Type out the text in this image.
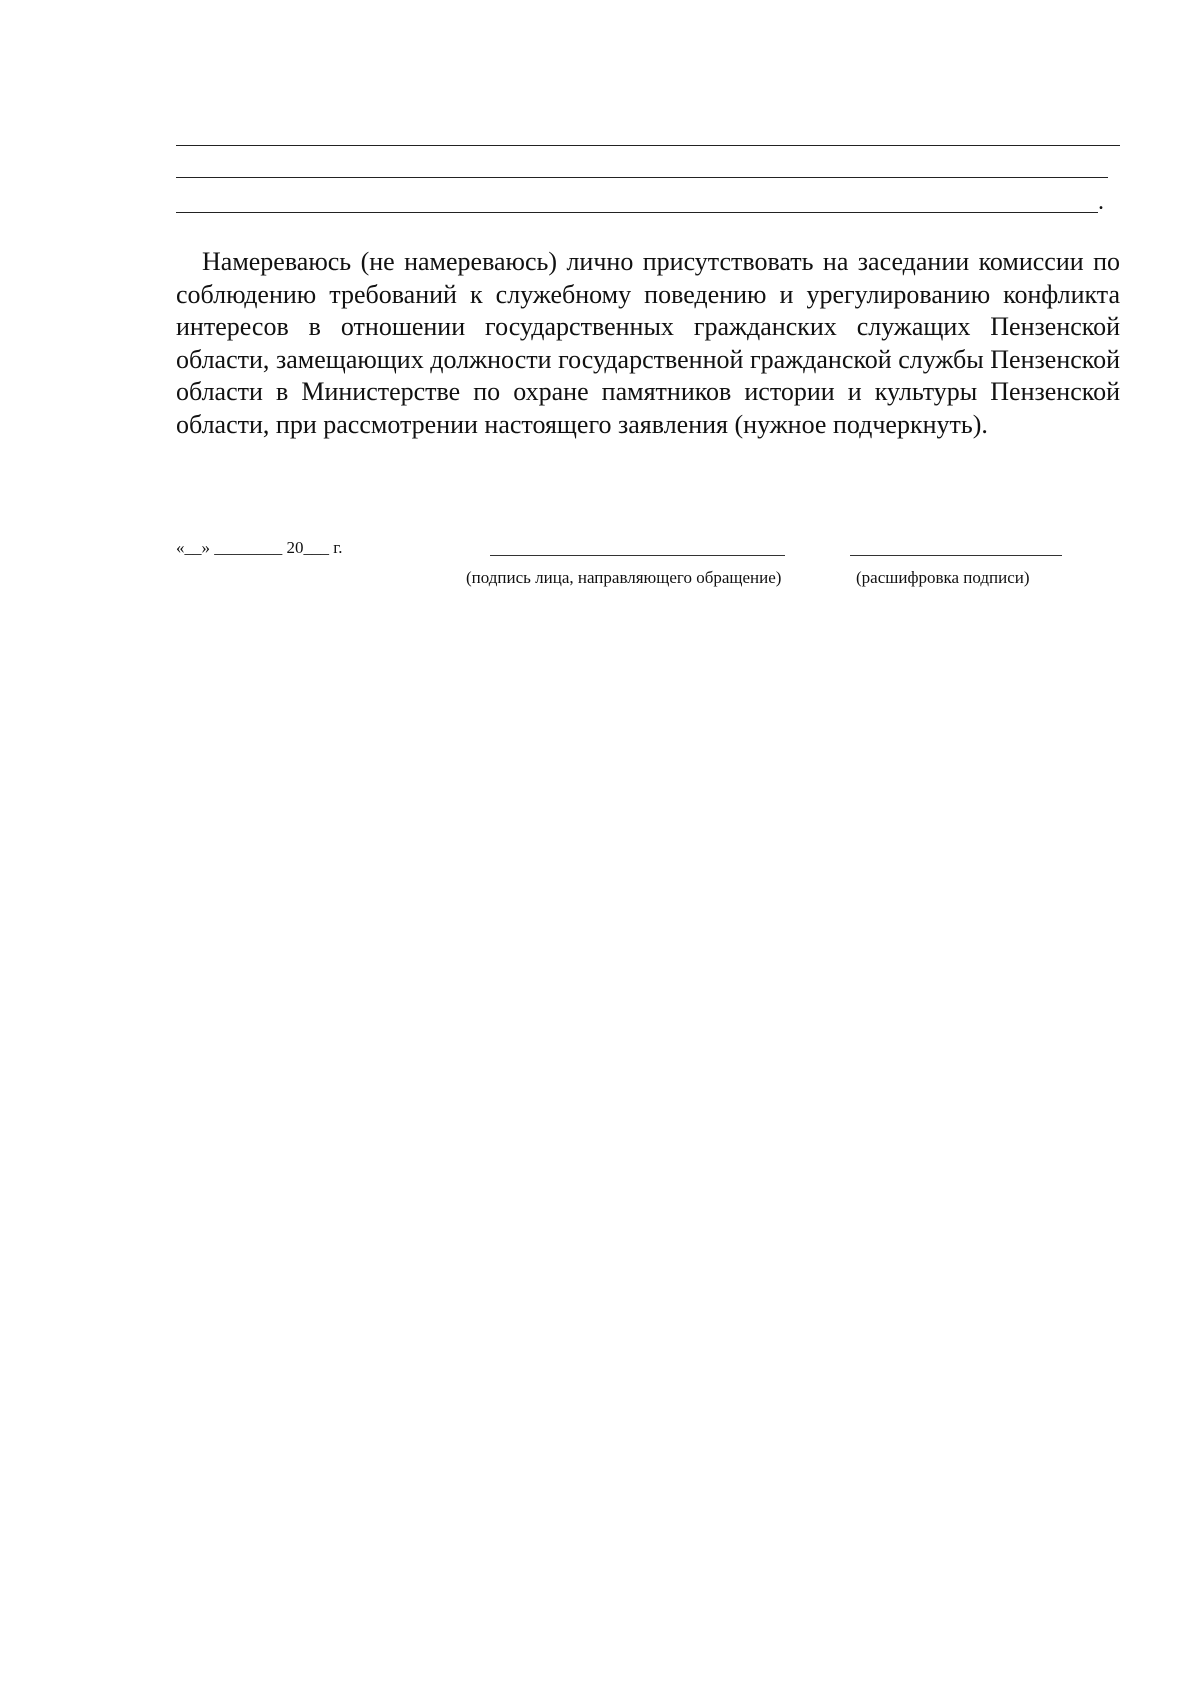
.

Намереваюсь (не намереваюсь) лично присутствовать на заседании комиссии по соблюдению требований к служебному поведению и урегулированию конфликта интересов в отношении государственных гражданских служащих Пензенской области, замещающих должности государственной гражданской службы Пензенской области в Министерстве по охране памятников истории и культуры Пензенской области, при рассмотрении настоящего заявления (нужное подчеркнуть).

«__» ________ 20___ г.
(подпись лица, направляющего обращение)	(расшифровка подписи)
